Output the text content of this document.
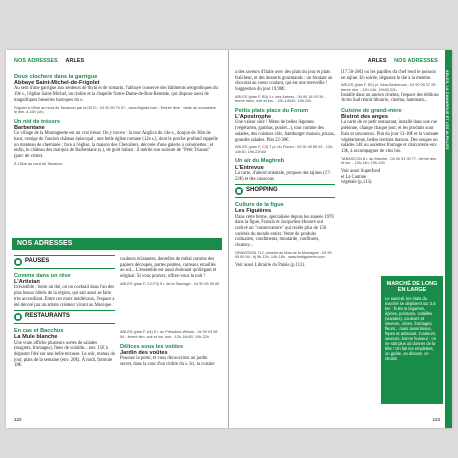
NOS ADRESSES ARLES
Doux clochers dans la garrigue
Abbaye Saint-Michel-de-Frigolet

Au sein d'une garrigue aux senteurs de thym et de romarin, l'abbaye conserve des bâtiments néogothiques du 19e s., l'église Saint-Michel, un cloître et la chapelle Notre-Dame-de-Bon-Remède, qui dispose aussi de magnifiques boiseries baroques du s.

Frigolet à 15km au nord de Tarascon par la D970 - 04 90 95 70 07 - www.frigolet.com - Entrée libre : visite du monastère le dim. à 15h (1h).
Un nid de trésors
Barbentane

Ce village de la Montagnette est un vrai trésor. On y trouve : la tour Anglica du 14e s., donjon de 30m de haut, vestige de l'ancien château épiscopal ; une belle église romane (12e s.), dont le porche profond rappelle un manteau de cheminée ; face à l'église, la maison des Chevaliers, décorée d'une galerie à colonnettes ; et enfin, le château des marquis de Barbentane (s.), de goût italien : il mérite son surnom de "Petit Trianon" (parc de visite).

À 15km au nord de Tarascon
NOS ADRESSES
PAUSES
Comme dans un rêve
L'Artistan

Irrésistible : boire un thé, ou un cocktail dans l'un des plus beaux hôtels de la région, qui sait aussi se faire très accueillant. Entre ces murs médiévaux, l'espace a été décoré par un artiste créateur vivant au Mexique :

RESTAURANTS
En cas et Bacchus
La Mule blanche

Une vraie affiche plusieurs sortes de salades (magrets, fromages), fines de volaille... env. 15€ à déguster l'été sur une belle terrasse. Le soir, menus du jour, plats de la semaine (env. 20€). À midi, formule 18€.

couleurs éclatantes, dentelles de métal comme des papiers découpés, portes peintes, carreaux émaillés au sol... L'ensemble est aussi étonnant qu'élégant et original. Si vous pouvez, offrez-vous la nuit !

ARLES (plan F, C2-F3) 5 r. de la Sauvage - 04 90 95 05 89
ARLES (plan F, A4) 5 r. du Président-Wilson - 04 90 93 98 54 - fermé dim. soir et lun. soir - 12h-14h30, 19h-22h
Délices sous les voûtes
Jardin des voûtes

Poussez la porte, et vous découvrirez un jardin secret, dans la cour d'un cloître du s. Ici, la cuisine

122
ARLES NOS ADRESSES
ARLES, LA CAMARGUE ET LES ALPILLES

a des saveurs d'Italie avec des plats du jour et plats fraîcheur, et des desserts gourmands : un fondant au chocolat au coeur coulant, qui est une merveille ! Suggestion du jour 19,90€.

ARLES (plan F, B3) 1 r. des Arènes - 04 90 18 93 39 - fermé merc. soir et lun. - 12h-14h30, 19h-22h
Petits plats place du Forum
L'Apostrophe

Une valeur sûre ! Menu de belles légumes (végétarien, gambas, poulet...), tout comme des salades, des cuisines chic, hamburger maison, pizzas, grandes salades. Plat 22-30€.

ARLES (plan F, C3) 7 pl. du Forum - 04 90 49 89 00 - 12h-14h30, 19h-22h30
Un air du Maghreb
L'Entrevue

La carte, d'abord orientale, propose des tajines (17-22€) et des couscous

SHOPPING
Culture de la figue
Les Figuières

Dans cette ferme, spécialisée depuis les années 1970 dans la figue, Francis et Jacqueline Honoré ont cultivé un "conservatoire" qui recèle plus de 150 variétés du monde entier. Vente de produits culinaires, condiments, moutarde, confitures, chutney...

GRAVESON 712, chemin du Mas de la Montagne - 04 90 95 80 94 - tlj 9h-12h, 14h-18h - www.lesfiguieres.com

Voir aussi Librairie du Palais (p.112).

(17,50-26€) ou les papilles du chef rend le poisson en tajine. En soirée, dégustez le thé à la menthe.

ARLES (plan F, B2) pl. Nina-Berberova - 04 90 93 37 28 - fermé dim. - 12h-14h, 19h30-22h

Installé dans un ancien cinéma, l'espace des éditions Actes Sud réunit librairie, cinéma, hammam...

Cuisine de grand-mère
Bistrot des anges

La carte de ce petit restaurant, installé dans une rue piétonne, change chaque jour, et les produits sont frais et savoureux. Plat du jour 13-18€ et la variante végétarienne, belles terrines maison. Des soupes ou salades 14€ ou assiettes fromage et charcuterie env. 13€, à accompagner de vins bio.

TARASCON 8 r. du Marché - 04 90 91 05 77 - fermé dim. et lun. - 12h-14h, 19h-22h

Voir aussi Superfood et La Cantine végétale (p.113).

MARCHÉ DE LONG EN LARGE

Le samedi, les étals du marché se déploient sur 2,5 km : fruits et légumes, épices, poissons, volailles (viandes), couleurs et saveurs, olives, fromages, fleurs... mais aussi tissus, fripes et artisanat. Couleurs, saveurs, bonne humeur : on ne sait plus où donner de la tête ! On fait les emplettes, on goûte, on discute, on choisit.

123
